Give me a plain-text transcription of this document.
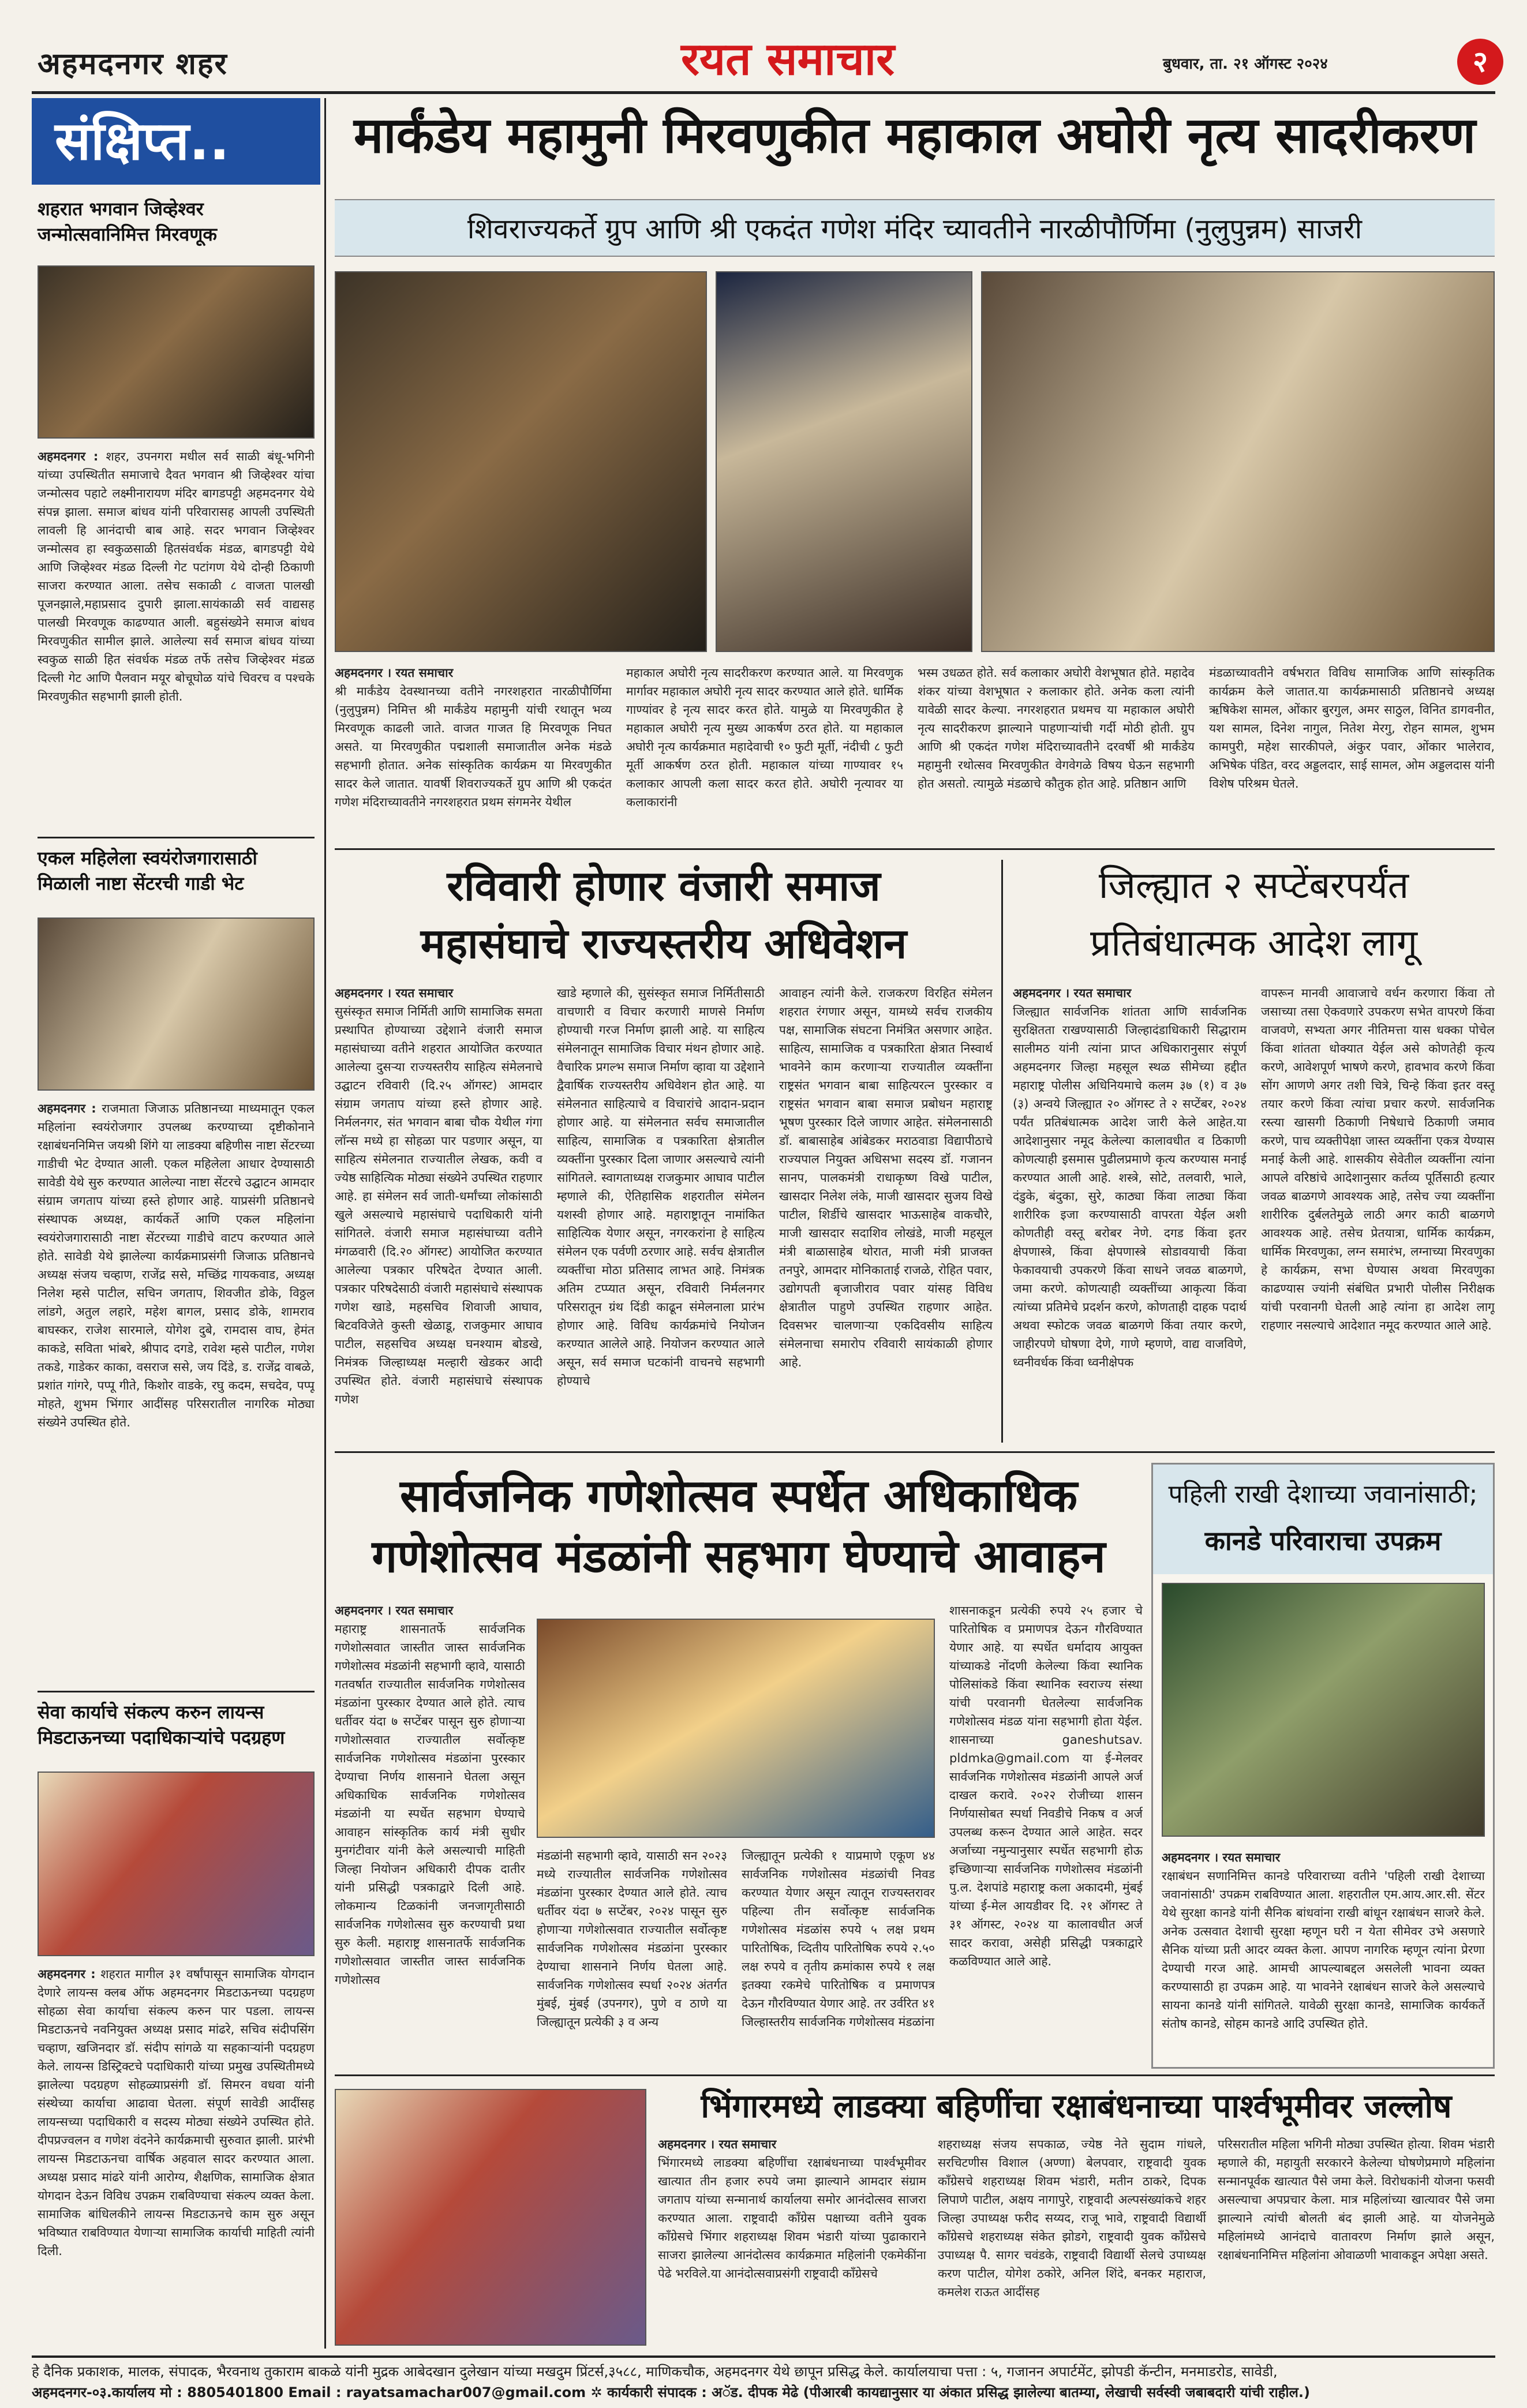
अहमदनगर शहर	रयत समाचार	बुधवार, ता. २१ ऑगस्ट २०२४	२
संक्षिप्त..
शहरात भगवान जिव्हेश्वर जन्मोत्सवानिमित्त मिरवणूक
अहमदनगर : शहर, उपनगरा मधील सर्व साळी बंधू-भगिनी यांच्या उपस्थितीत समाजाचे दैवत भगवान श्री जिव्हेश्वर यांचा जन्मोत्सव पहाटे लक्ष्मीनारायण मंदिर बागडपट्टी अहमदनगर येथे संपन्न झाला. समाज बांधव यांनी परिवारासह आपली उपस्थिती लावली हि आनंदाची बाब आहे. सदर भगवान जिव्हेश्वर जन्मोत्सव हा स्वकुळसाळी हितसंवर्धक मंडळ, बागडपट्टी येथे आणि जिव्हेश्वर मंडळ दिल्ली गेट पटांगण येथे दोन्ही ठिकाणी साजरा करण्यात आला. तसेच सकाळी ८ वाजता पालखी पूजनझाले,महाप्रसाद दुपारी झाला.सायंकाळी सर्व वाद्यसह पालखी मिरवणूक काढण्यात आली. बहुसंख्येने समाज बांधव मिरवणुकीत सामील झाले. आलेल्या सर्व समाज बांधव यांच्या स्वकुळ साळी हित संवर्धक मंडळ तर्फे तसेच जिव्हेश्वर मंडळ दिल्ली गेट आणि पैलवान मयूर बोचूघोळ यांचे चिवरच व पश्चके मिरवणुकीत सहभागी झाली होती.
एकल महिलेला स्वयंरोजगारासाठी मिळाली नाष्टा सेंटरची गाडी भेट
अहमदनगर : राजमाता जिजाऊ प्रतिष्ठानच्या माध्यमातून एकल महिलांना स्वयंरोजगार उपलब्ध करण्याच्या दृष्टीकोनाने रक्षाबंधननिमित्त जयश्री शिंगे या लाडक्या बहिणीस नाष्टा सेंटरच्या गाडीची भेट देण्यात आली. एकल महिलेला आधार देण्यासाठी सावेडी येथे सुरु करण्यात आलेल्या नाष्टा सेंटरचे उद्घाटन आमदार संग्राम जगताप यांच्या हस्ते होणार आहे. याप्रसंगी प्रतिष्ठानचे संस्थापक अध्यक्ष, कार्यकर्ते आणि एकल महिलांना स्वयंरोजगारासाठी नाष्टा सेंटरच्या गाडीचे वाटप करण्यात आले होते. सावेडी येथे झालेल्या कार्यक्रमाप्रसंगी जिजाऊ प्रतिष्ठानचे अध्यक्ष संजय चव्हाण, राजेंद्र ससे, मच्छिंद्र गायकवाड, अध्यक्ष निलेश म्हसे पाटील, सचिन जगताप, शिवजीत डोके, विठ्ठल लांडगे, अतुल लहारे, महेश बागल, प्रसाद डोके, शामराव बाघस्कर, राजेश सारमाले, योगेश दुबे, रामदास वाघ, हेमंत काकडे, सविता भांबरे, श्रीपाद दगडे, रावेश म्हसे पाटील, गणेश तकडे, गाडेकर काका, वसराज ससे, जय दिंडे, ड. राजेंद्र वाबळे, प्रशांत गांगरे, पप्पू गीते, किशोर वाडके, रघु कदम, सचदेव, पप्पू मोहते, शुभम भिंगार आदींसह परिसरातील नागरिक मोठ्या संख्येने उपस्थित होते.
सेवा कार्याचे संकल्प करुन लायन्स मिडटाऊनच्या पदाधिकाऱ्यांचे पदग्रहण
अहमदनगर : शहरात मागील ३१ वर्षांपासून सामाजिक योगदान देणारे लायन्स क्लब ऑफ अहमदनगर मिडटाऊनच्या पदग्रहण सोहळा सेवा कार्याचा संकल्प करुन पार पडला. लायन्स मिडटाऊनचे नवनियुक्त अध्यक्ष प्रसाद मांढरे, सचिव संदीपसिंग चव्हाण, खजिनदार डॉ. संदीप सांगळे या सहकाऱ्यांनी पदग्रहण केले. लायन्स डिस्ट्रिक्टचे पदाधिकारी यांच्या प्रमुख उपस्थितीमध्ये झालेल्या पदग्रहण सोहळ्याप्रसंगी डॉ. सिमरन वधवा यांनी संस्थेच्या कार्याचा आढावा घेतला. संपूर्ण सावेडी आदींसह लायन्सच्या पदाधिकारी व सदस्य मोठ्या संख्येने उपस्थित होते. दीपप्रज्वलन व गणेश वंदनेने कार्यक्रमाची सुरुवात झाली. प्रारंभी लायन्स मिडटाऊनचा वार्षिक अहवाल सादर करण्यात आला. अध्यक्ष प्रसाद मांढरे यांनी आरोग्य, शैक्षणिक, सामाजिक क्षेत्रात योगदान देऊन विविध उपक्रम राबविण्याचा संकल्प व्यक्त केला. सामाजिक बांधिलकीने लायन्स मिडटाऊनचे काम सुरु असून भविष्यात राबविण्यात येणाऱ्या सामाजिक कार्याची माहिती त्यांनी दिली.
मार्कंडेय महामुनी मिरवणुकीत महाकाल अघोरी नृत्य सादरीकरण
शिवराज्यकर्ते ग्रुप आणि श्री एकदंत गणेश मंदिर च्यावतीने नारळीपौर्णिमा (नुलुपुन्नम) साजरी
अहमदनगर । रयत समाचार
श्री मार्कंडेय देवस्थानच्या वतीने नगरशहरात नारळीपौर्णिमा (नुलुपुन्नम) निमित्त श्री मार्कंडेय महामुनी यांची रथातून भव्य मिरवणूक काढली जाते. वाजत गाजत हि मिरवणूक निघत असते. या मिरवणुकीत पद्मशाली समाजातील अनेक मंडळे सहभागी होतात. अनेक सांस्कृतिक कार्यक्रम या मिरवणुकीत सादर केले जातात. यावर्षी शिवराज्यकर्ते ग्रुप आणि श्री एकदंत गणेश मंदिराच्यावतीने नगरशहरात प्रथम संगमनेर येथील
महाकाल अघोरी नृत्य सादरीकरण करण्यात आले. या मिरवणुक मार्गावर महाकाल अघोरी नृत्य सादर करण्यात आले होते. धार्मिक गाण्यांवर हे नृत्य सादर करत होते. यामुळे या मिरवणुकीत हे महाकाल अघोरी नृत्य मुख्य आकर्षण ठरत होते. या महाकाल अघोरी नृत्य कार्यक्रमात महादेवाची १० फुटी मूर्ती, नंदीची ८ फुटी मूर्ती आकर्षण ठरत होती. महाकाल यांच्या गाण्यावर १५ कलाकार आपली कला सादर करत होते. अघोरी नृत्यावर या कलाकारांनी
भस्म उधळत होते. सर्व कलाकार अघोरी वेशभूषात होते. महादेव शंकर यांच्या वेशभूषात २ कलाकार होते. अनेक कला त्यांनी यावेळी सादर केल्या. नगरशहरात प्रथमच या महाकाल अघोरी नृत्य सादरीकरण झाल्याने पाहणाऱ्यांची गर्दी मोठी होती. ग्रुप आणि श्री एकदंत गणेश मंदिराच्यावतीने दरवर्षी श्री मार्कंडेय महामुनी रथोत्सव मिरवणुकीत वेगवेगळे विषय घेऊन सहभागी होत असतो. त्यामुळे मंडळाचे कौतुक होत आहे. प्रतिष्ठान आणि
मंडळाच्यावतीने वर्षभरात विविध सामाजिक आणि सांस्कृतिक कार्यक्रम केले जातात.या कार्यक्रमासाठी प्रतिष्ठानचे अध्यक्ष ऋषिकेश सामल, ओंकार बुरगुल, अमर साठुल, विनित डागवनीत, यश सामल, दिनेश नागुल, नितेश मेरगु, रोहन सामल, शुभम कामपुरी, महेश सारकीपले, अंकुर पवार, ओंकार भालेराव, अभिषेक पंडित, वरद अड्डलदार, साई सामल, ओम अड्डलदास यांनी विशेष परिश्रम घेतले.
रविवारी होणार वंजारी समाज
महासंघाचे राज्यस्तरीय अधिवेशन
अहमदनगर । रयत समाचार
सुसंस्कृत समाज निर्मिती आणि सामाजिक समता प्रस्थापित होण्याच्या उद्देशाने वंजारी समाज महासंघाच्या वतीने शहरात आयोजित करण्यात आलेल्या दुसऱ्या राज्यस्तरीय साहित्य संमेलनाचे उद्घाटन रविवारी (दि.२५ ऑगस्ट) आमदार संग्राम जगताप यांच्या हस्ते होणार आहे. निर्मलनगर, संत भगवान बाबा चौक येथील गंगा लॉन्स मध्ये हा सोहळा पार पडणार असून, या साहित्य संमेलनात राज्यातील लेखक, कवी व ज्येष्ठ साहित्यिक मोठ्या संख्येने उपस्थित राहणार आहे. हा संमेलन सर्व जाती-धर्मांच्या लोकांसाठी खुले असल्याचे महासंघाचे पदाधिकारी यांनी सांगितले. वंजारी समाज महासंघाच्या वतीने मंगळवारी (दि.२० ऑगस्ट) आयोजित करण्यात आलेल्या पत्रकार परिषदेत देण्यात आली. पत्रकार परिषदेसाठी वंजारी महासंघाचे संस्थापक गणेश खाडे, महसचिव शिवाजी आघाव, बिटवविजेते कुस्ती खेळाडू, राजकुमार आघाव पाटील, सहसचिव अध्यक्ष घनश्याम बोडखे, निमंत्रक जिल्हाध्यक्ष मल्हारी खेडकर आदी उपस्थित होते. वंजारी महासंघाचे संस्थापक गणेश
खाडे म्हणाले की, सुसंस्कृत समाज निर्मितीसाठी वाचणारी व विचार करणारी माणसे निर्माण होण्याची गरज निर्माण झाली आहे. या साहित्य संमेलनातून सामाजिक विचार मंथन होणार आहे. वैचारिक प्रगल्भ समाज निर्माण व्हावा या उद्देशाने द्वैवार्षिक राज्यस्तरीय अधिवेशन होत आहे. या संमेलनात साहित्याचे व विचारांचे आदान-प्रदान होणार आहे. या संमेलनात सर्वच समाजातील साहित्य, सामाजिक व पत्रकारिता क्षेत्रातील व्यक्तींना पुरस्कार दिला जाणार असल्याचे त्यांनी सांगितले. स्वागताध्यक्ष राजकुमार आघाव पाटील म्हणाले की, ऐतिहासिक शहरातील संमेलन यशस्वी होणार आहे. महाराष्ट्रातून नामांकित साहित्यिक येणार असून, नगरकरांना हे साहित्य संमेलन एक पर्वणी ठरणार आहे. सर्वच क्षेत्रातील व्यक्तींचा मोठा प्रतिसाद लाभत आहे. निमंत्रक अतिम टप्प्यात असून, रविवारी निर्मलनगर परिसरातून ग्रंथ दिंडी काढून संमेलनाला प्रारंभ होणार आहे. विविध कार्यक्रमांचे नियोजन करण्यात आलेले आहे. नियोजन करण्यात आले असून, सर्व समाज घटकांनी वाचनचे सहभागी होण्याचे
आवाहन त्यांनी केले. राजकरण विरहित संमेलन शहरात रंगणार असून, यामध्ये सर्वच राजकीय पक्ष, सामाजिक संघटना निमंत्रित असणार आहेत. साहित्य, सामाजिक व पत्रकारिता क्षेत्रात निस्वार्थ भावनेने काम करणाऱ्या राज्यातील व्यक्तींना राष्ट्रसंत भगवान बाबा साहित्यरत्न पुरस्कार व राष्ट्रसंत भगवान बाबा समाज प्रबोधन महाराष्ट्र भूषण पुरस्कार दिले जाणार आहेत. संमेलनासाठी डॉ. बाबासाहेब आंबेडकर मराठवाडा विद्यापीठाचे राज्यपाल नियुक्त अधिसभा सदस्य डॉ. गजानन सानप, पालकमंत्री राधाकृष्ण विखे पाटील, खासदार निलेश लंके, माजी खासदार सुजय विखे पाटील, शिर्डीचे खासदार भाऊसाहेब वाकचौरे, माजी खासदार सदाशिव लोखंडे, माजी महसूल मंत्री बाळासाहेब थोरात, माजी मंत्री प्राजक्त तनपुरे, आमदार मोनिकाताई राजळे, रोहित पवार, उद्योगपती बृजाजीराव पवार यांसह विविध क्षेत्रातील पाहुणे उपस्थित राहणार आहेत. दिवसभर चालणाऱ्या एकदिवसीय साहित्य संमेलनाचा समारोप रविवारी सायंकाळी होणार आहे.
जिल्ह्यात २ सप्टेंबरपर्यंत
प्रतिबंधात्मक आदेश लागू
अहमदनगर । रयत समाचार
जिल्ह्यात सार्वजनिक शांतता आणि सार्वजनिक सुरक्षितता राखण्यासाठी जिल्हादंडाधिकारी सिद्धाराम सालीमठ यांनी त्यांना प्राप्त अधिकारानुसार संपूर्ण अहमदनगर जिल्हा महसूल स्थळ सीमेच्या हद्दीत महाराष्ट्र पोलीस अधिनियमाचे कलम ३७ (१) व ३७ (३) अन्वये जिल्ह्यात २० ऑगस्ट ते २ सप्टेंबर, २०२४ पर्यंत प्रतिबंधात्मक आदेश जारी केले आहेत.या आदेशानुसार नमूद केलेल्या कालावधीत व ठिकाणी कोणत्याही इसमास पुढीलप्रमाणे कृत्य करण्यास मनाई करण्यात आली आहे. शस्त्रे, सोटे, तलवारी, भाले, दंडुके, बंदुका, सुरे, काठ्या किंवा लाठ्या किंवा शारीरिक इजा करण्यासाठी वापरता येईल अशी कोणतीही वस्तू बरोबर नेणे. दगड किंवा इतर क्षेपणास्त्रे, किंवा क्षेपणास्त्रे सोडावयाची किंवा फेकावयाची उपकरणे किंवा साधने जवळ बाळगणे, जमा करणे. कोणत्याही व्यक्तींच्या आकृत्या किंवा त्यांच्या प्रतिमेचे प्रदर्शन करणे, कोणताही दाहक पदार्थ अथवा स्फोटक जवळ बाळगणे किंवा तयार करणे, जाहीरपणे घोषणा देणे, गाणे म्हणणे, वाद्य वाजविणे, ध्वनीवर्धक किंवा ध्वनीक्षेपक
वापरून मानवी आवाजाचे वर्धन करणारा किंवा तो जसाच्या तसा ऐकवणारे उपकरण सभेत वापरणे किंवा वाजवणे, सभ्यता अगर नीतिमत्ता यास धक्का पोचेल किंवा शांतता धोक्यात येईल असे कोणतेही कृत्य करणे, आवेशपूर्ण भाषणे करणे, हावभाव करणे किंवा सोंग आणणे अगर तशी चित्रे, चिन्हे किंवा इतर वस्तू तयार करणे किंवा त्यांचा प्रचार करणे. सार्वजनिक रस्त्या खासगी ठिकाणी निषेधाचे ठिकाणी जमाव करणे, पाच व्यक्तीपेक्षा जास्त व्यक्तींना एकत्र येण्यास मनाई केली आहे. शासकीय सेवेतील व्यक्तींना त्यांना आपले वरिष्ठांचे आदेशानुसार कर्तव्य पूर्तिसाठी हत्यार जवळ बाळगणे आवश्यक आहे, तसेच ज्या व्यक्तींना शारीरिक दुर्बलतेमुळे लाठी अगर काठी बाळगणे आवश्यक आहे. तसेच प्रेतयात्रा, धार्मिक कार्यक्रम, धार्मिक मिरवणुका, लग्न समारंभ, लग्नाच्या मिरवणुका हे कार्यक्रम, सभा घेण्यास अथवा मिरवणुका काढण्यास ज्यांनी संबंधित प्रभारी पोलीस निरीक्षक यांची परवानगी घेतली आहे त्यांना हा आदेश लागू राहणार नसल्याचे आदेशात नमूद करण्यात आले आहे.
सार्वजनिक गणेशोत्सव स्पर्धेत अधिकाधिक
गणेशोत्सव मंडळांनी सहभाग घेण्याचे आवाहन
अहमदनगर । रयत समाचार
महाराष्ट्र शासनातर्फे सार्वजनिक गणेशोत्सवात जास्तीत जास्त सार्वजनिक गणेशोत्सव मंडळांनी सहभागी व्हावे, यासाठी गतवर्षात राज्यातील सार्वजनिक गणेशोत्सव मंडळांना पुरस्कार देण्यात आले होते. त्याच धर्तीवर यंदा ७ सप्टेंबर पासून सुरु होणाऱ्या गणेशोत्सवात राज्यातील सर्वोत्कृष्ट सार्वजनिक गणेशोत्सव मंडळांना पुरस्कार देण्याचा निर्णय शासनाने घेतला असून अधिकाधिक सार्वजनिक गणेशोत्सव मंडळांनी या स्पर्धेत सहभाग घेण्याचे आवाहन सांस्कृतिक कार्य मंत्री सुधीर मुनगंटीवार यांनी केले असल्याची माहिती जिल्हा नियोजन अधिकारी दीपक दातीर यांनी प्रसिद्धी पत्रकाद्वारे दिली आहे. लोकमान्य टिळकांनी जनजागृतीसाठी सार्वजनिक गणेशोत्सव सुरु करण्याची प्रथा सुरु केली. महाराष्ट्र शासनातर्फे सार्वजनिक गणेशोत्सवात जास्तीत जास्त सार्वजनिक गणेशोत्सव
मंडळांनी सहभागी व्हावे, यासाठी सन २०२३ मध्ये राज्यातील सार्वजनिक गणेशोत्सव मंडळांना पुरस्कार देण्यात आले होते. त्याच धर्तीवर यंदा ७ सप्टेंबर, २०२४ पासून सुरु होणाऱ्या गणेशोत्सवात राज्यातील सर्वोत्कृष्ट सार्वजनिक गणेशोत्सव मंडळांना पुरस्कार देण्याचा शासनाने निर्णय घेतला आहे. सार्वजनिक गणेशोत्सव स्पर्धा २०२४ अंतर्गत मुंबई, मुंबई (उपनगर), पुणे व ठाणे या जिल्ह्यातून प्रत्येकी ३ व अन्य
जिल्ह्यातून प्रत्येकी १ याप्रमाणे एकूण ४४ सार्वजनिक गणेशोत्सव मंडळांची निवड करण्यात येणार असून त्यातून राज्यस्तरावर पहिल्या तीन सर्वोत्कृष्ट सार्वजनिक गणेशोत्सव मंडळांस रुपये ५ लक्ष प्रथम पारितोषिक, व्दितीय पारितोषिक रुपये २.५० लक्ष रुपये व तृतीय क्रमांकास रुपये १ लक्ष इतक्या रकमेचे पारितोषिक व प्रमाणपत्र देऊन गौरविण्यात येणार आहे. तर उर्वरित ४१ जिल्हास्तरीय सार्वजनिक गणेशोत्सव मंडळांना
शासनाकडून प्रत्येकी रुपये २५ हजार चे पारितोषिक व प्रमाणपत्र देऊन गौरविण्यात येणार आहे. या स्पर्धेत धर्मादाय आयुक्त यांच्याकडे नोंदणी केलेल्या किंवा स्थानिक पोलिसांकडे किंवा स्थानिक स्वराज्य संस्था यांची परवानगी घेतलेल्या सार्वजनिक गणेशोत्सव मंडळ यांना सहभागी होता येईल. शासनाच्या ganeshutsav. pldmka@gmail.com या ई-मेलवर सार्वजनिक गणेशोत्सव मंडळांनी आपले अर्ज दाखल करावे. २०२२ रोजीच्या शासन निर्णयासोबत स्पर्धा निवडीचे निकष व अर्ज उपलब्ध करून देण्यात आले आहेत. सदर अर्जाच्या नमुन्यानुसार स्पर्धेत सहभागी होऊ इच्छिणाऱ्या सार्वजनिक गणेशोत्सव मंडळांनी पु.ल. देशपांडे महाराष्ट्र कला अकादमी, मुंबई यांच्या ई-मेल आयडीवर दि. २१ ऑगस्ट ते ३१ ऑगस्ट, २०२४ या कालावधीत अर्ज सादर करावा, असेही प्रसिद्धी पत्रकाद्वारे कळविण्यात आले आहे.
पहिली राखी देशाच्या जवानांसाठी;
कानडे परिवाराचा उपक्रम
अहमदनगर । रयत समाचार
रक्षाबंधन सणानिमित्त कानडे परिवाराच्या वतीने 'पहिली राखी देशाच्या जवानांसाठी' उपक्रम राबविण्यात आला. शहरातील एम.आय.आर.सी. सेंटर येथे सुरक्षा कानडे यांनी सैनिक बांधवांना राखी बांधून रक्षाबंधन साजरे केले. अनेक उत्सवात देशाची सुरक्षा म्हणून घरी न येता सीमेवर उभे असणारे सैनिक यांच्या प्रती आदर व्यक्त केला. आपण नागरिक म्हणून त्यांना प्रेरणा देण्याची गरज आहे. आमची आपल्याबद्दल असलेली भावना व्यक्त करण्यासाठी हा उपक्रम आहे. या भावनेने रक्षाबंधन साजरे केले असल्याचे सायना कानडे यांनी सांगितले. यावेळी सुरक्षा कानडे, सामाजिक कार्यकर्ते संतोष कानडे, सोहम कानडे आदि उपस्थित होते.
भिंगारमध्ये लाडक्या बहिणींचा रक्षाबंधनाच्या पार्श्वभूमीवर जल्लोष
अहमदनगर । रयत समाचार
भिंगारमध्ये लाडक्या बहिणींचा रक्षाबंधनाच्या पार्श्वभूमीवर खात्यात तीन हजार रुपये जमा झाल्याने आमदार संग्राम जगताप यांच्या सन्मानार्थ कार्यालया समोर आनंदोत्सव साजरा करण्यात आला. राष्ट्रवादी काँग्रेस पक्षाच्या वतीने युवक काँग्रेसचे भिंगार शहराध्यक्ष शिवम भंडारी यांच्या पुढाकाराने साजरा झालेल्या आनंदोत्सव कार्यक्रमात महिलांनी एकमेकींना पेढे भरविले.या आनंदोत्सवाप्रसंगी राष्ट्रवादी काँग्रेसचे
शहराध्यक्ष संजय सपकाळ, ज्येष्ठ नेते सुदाम गांधले, सरचिटणीस विशाल (अण्णा) बेलपवार, राष्ट्रवादी युवक काँग्रेसचे शहराध्यक्ष शिवम भंडारी, मतीन ठाकरे, दिपक लिपाणे पाटील, अक्षय नागापुरे, राष्ट्रवादी अल्पसंख्यांकचे शहर जिल्हा उपाध्यक्ष फरीद सय्यद, राजू भावे, राष्ट्रवादी विद्यार्थी काँग्रेसचे शहराध्यक्ष संकेत झोडगे, राष्ट्रवादी युवक काँग्रेसचे उपाध्यक्ष पै. सागर चवंडके, राष्ट्रवादी विद्यार्थी सेलचे उपाध्यक्ष करण पाटील, योगेश ठकोरे, अनिल शिंदे, बनकर महाराज, कमलेश राऊत आदींसह
परिसरातील महिला भगिनी मोठ्या उपस्थित होत्या. शिवम भंडारी म्हणाले की, महायुती सरकारने केलेल्या घोषणेप्रमाणे महिलांना सन्मानपूर्वक खात्यात पैसे जमा केले. विरोधकांनी योजना फसवी असल्याचा अपप्रचार केला. मात्र महिलांच्या खात्यावर पैसे जमा झाल्याने त्यांची बोलती बंद झाली आहे. या योजनेमुळे महिलांमध्ये आनंदाचे वातावरण निर्माण झाले असून, रक्षाबंधनानिमित्त महिलांना ओवाळणी भावाकडून अपेक्षा असते.
हे दैनिक प्रकाशक, मालक, संपादक, भैरवनाथ तुकाराम बाकळे यांनी मुद्रक आबेदखान दुलेखान यांच्या मखदुम प्रिंटर्स,३५८८, माणिकचौक, अहमदनगर येथे छापून प्रसिद्ध केले. कार्यालयाचा पत्ता : ५, गजानन अपार्टमेंट, झोपडी कॅन्टीन, मनमाडरोड, सावेडी,
अहमदनगर-०३.कार्यालय मो : 8805401800 Email : rayatsamachar007@gmail.com ✲ कार्यकारी संपादक : अॅड. दीपक मेढे (पीआरबी कायद्यानुसार या अंकात प्रसिद्ध झालेल्या बातम्या, लेखाची सर्वस्वी जबाबदारी यांची राहील.)
